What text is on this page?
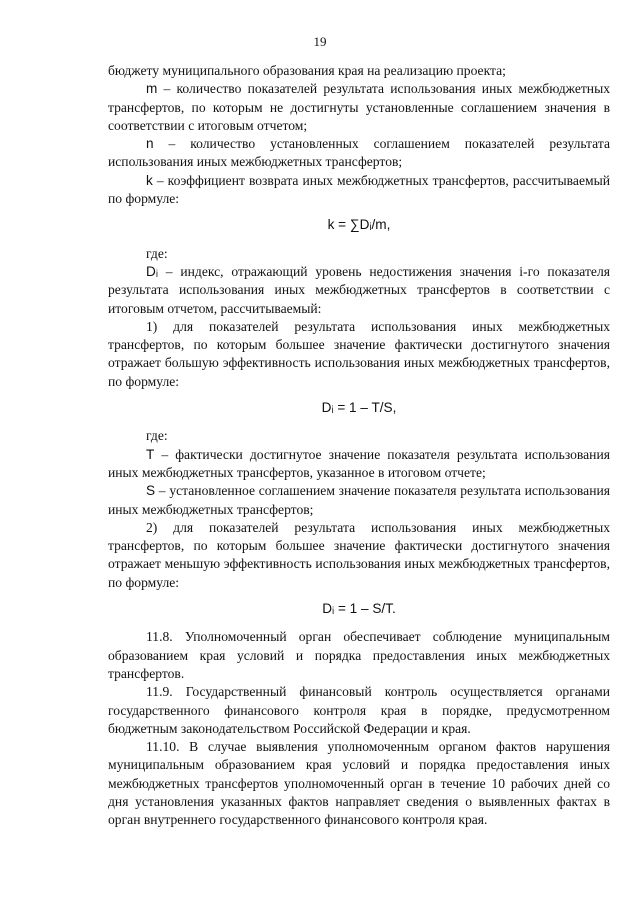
19

бюджету муниципального образования края на реализацию проекта;

m – количество показателей результата использования иных межбюджетных трансфертов, по которым не достигнуты установленные соглашением значения в соответствии с итоговым отчетом;

n – количество установленных соглашением показателей результата использования иных межбюджетных трансфертов;

k – коэффициент возврата иных межбюджетных трансфертов, рассчитываемый по формуле:

k = ∑Dᵢ/m,

где:

Dᵢ – индекс, отражающий уровень недостижения значения i-го показателя результата использования иных межбюджетных трансфертов в соответствии с итоговым отчетом, рассчитываемый:

1) для показателей результата использования иных межбюджетных трансфертов, по которым большее значение фактически достигнутого значения отражает большую эффективность использования иных межбюджетных трансфертов, по формуле:

Dᵢ = 1 – T/S,

где:

T – фактически достигнутое значение показателя результата использования иных межбюджетных трансфертов, указанное в итоговом отчете;

S – установленное соглашением значение показателя результата использования иных межбюджетных трансфертов;

2) для показателей результата использования иных межбюджетных трансфертов, по которым большее значение фактически достигнутого значения отражает меньшую эффективность использования иных межбюджетных трансфертов, по формуле:

Dᵢ = 1 – S/T.

11.8. Уполномоченный орган обеспечивает соблюдение муниципальным образованием края условий и порядка предоставления иных межбюджетных трансфертов.

11.9. Государственный финансовый контроль осуществляется органами государственного финансового контроля края в порядке, предусмотренном бюджетным законодательством Российской Федерации и края.

11.10. В случае выявления уполномоченным органом фактов нарушения муниципальным образованием края условий и порядка предоставления иных межбюджетных трансфертов уполномоченный орган в течение 10 рабочих дней со дня установления указанных фактов направляет сведения о выявленных фактах в орган внутреннего государственного финансового контроля края.
